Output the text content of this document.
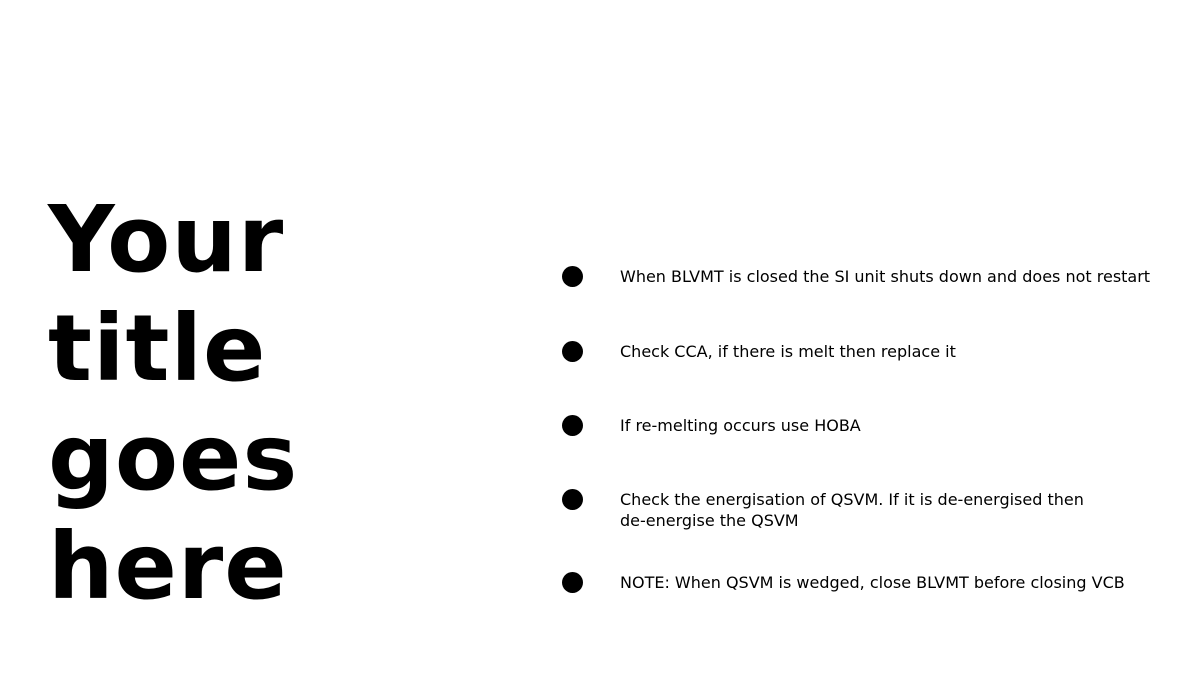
Your
title
goes
here
When BLVMT is closed the SI unit shuts down and does not restart
Check CCA, if there is melt then replace it
If re-melting occurs use HOBA
Check the energisation of QSVM. If it is de-energised then
de-energise the QSVM
NOTE: When QSVM is wedged, close BLVMT before closing VCB
